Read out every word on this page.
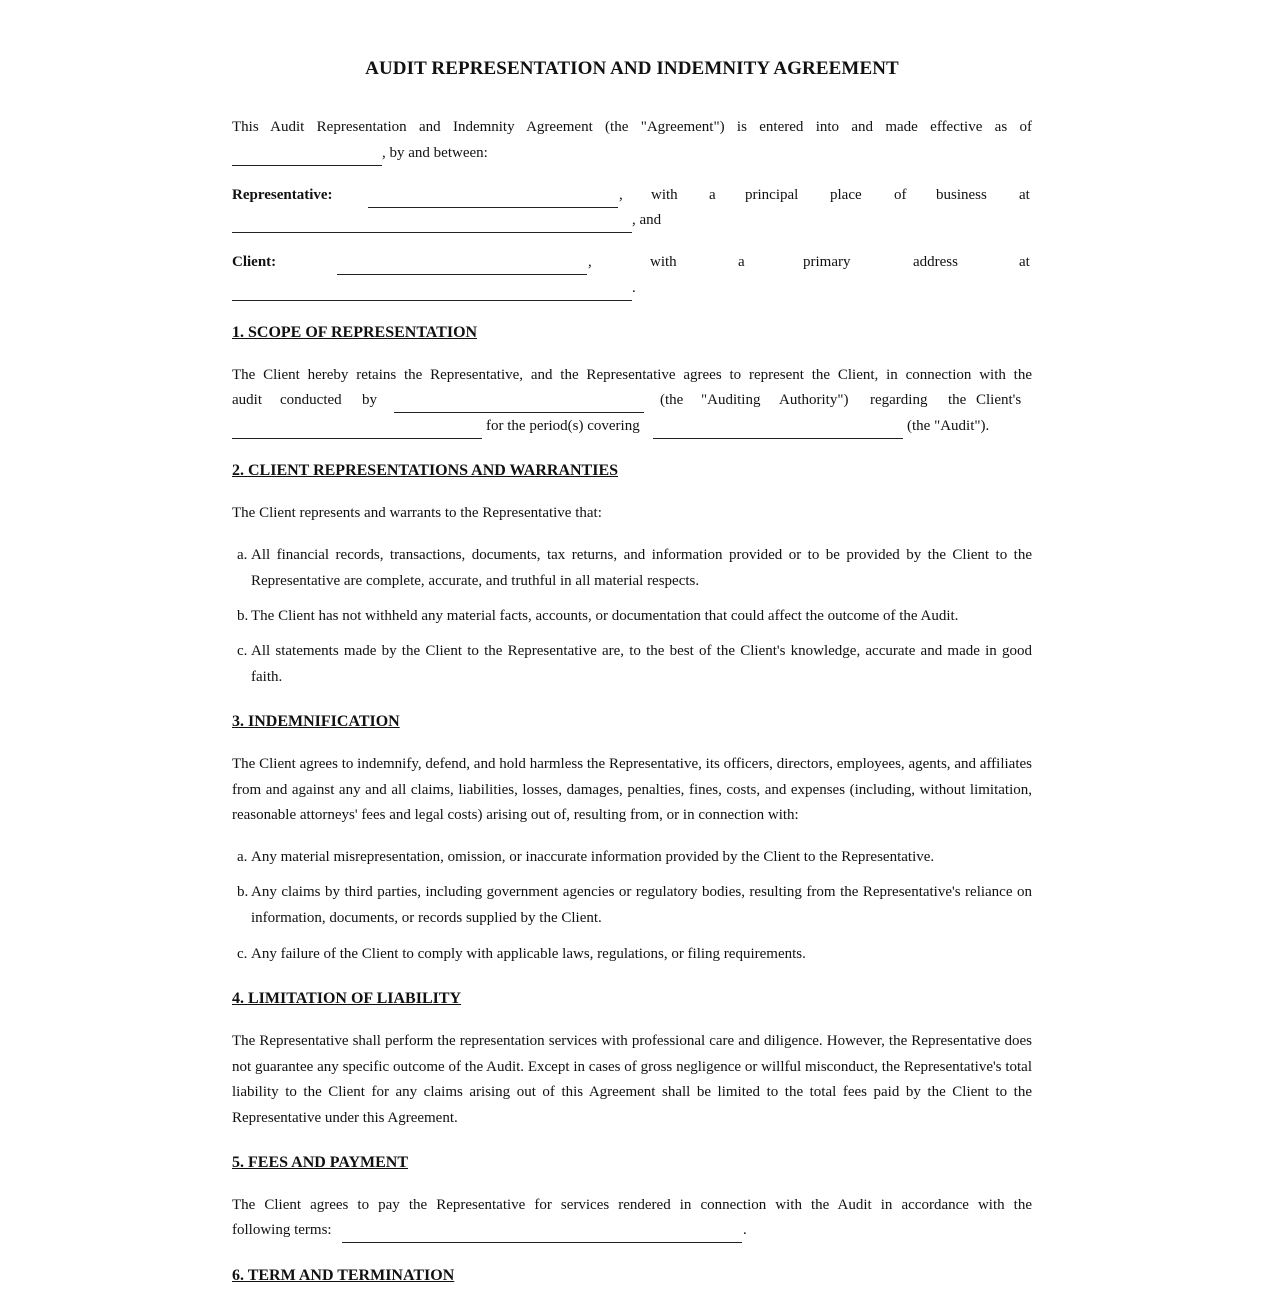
AUDIT REPRESENTATION AND INDEMNITY AGREEMENT
This Audit Representation and Indemnity Agreement (the "Agreement") is entered into and made effective as of
, by and between:
Representative:	, with a principal place of business at
, and
Client:	,	with	a	primary	address	at
.
1. SCOPE OF REPRESENTATION
The Client hereby retains the Representative, and the Representative agrees to represent the Client, in connection with the
audit conducted by	(the "Auditing Authority") regarding the Client's
for the period(s) covering	(the "Audit").
2. CLIENT REPRESENTATIONS AND WARRANTIES
The Client represents and warrants to the Representative that:
a. All financial records, transactions, documents, tax returns, and information provided or to be provided by the Client to the Representative are complete, accurate, and truthful in all material respects.
b. The Client has not withheld any material facts, accounts, or documentation that could affect the outcome of the Audit.
c. All statements made by the Client to the Representative are, to the best of the Client's knowledge, accurate and made in good faith.
3. INDEMNIFICATION
The Client agrees to indemnify, defend, and hold harmless the Representative, its officers, directors, employees, agents, and affiliates from and against any and all claims, liabilities, losses, damages, penalties, fines, costs, and expenses (including, without limitation, reasonable attorneys' fees and legal costs) arising out of, resulting from, or in connection with:
a. Any material misrepresentation, omission, or inaccurate information provided by the Client to the Representative.
b. Any claims by third parties, including government agencies or regulatory bodies, resulting from the Representative's reliance on information, documents, or records supplied by the Client.
c. Any failure of the Client to comply with applicable laws, regulations, or filing requirements.
4. LIMITATION OF LIABILITY
The Representative shall perform the representation services with professional care and diligence. However, the Representative does not guarantee any specific outcome of the Audit. Except in cases of gross negligence or willful misconduct, the Representative's total liability to the Client for any claims arising out of this Agreement shall be limited to the total fees paid by the Client to the Representative under this Agreement.
5. FEES AND PAYMENT
The Client agrees to pay the Representative for services rendered in connection with the Audit in accordance with the
following terms:	.
6. TERM AND TERMINATION
